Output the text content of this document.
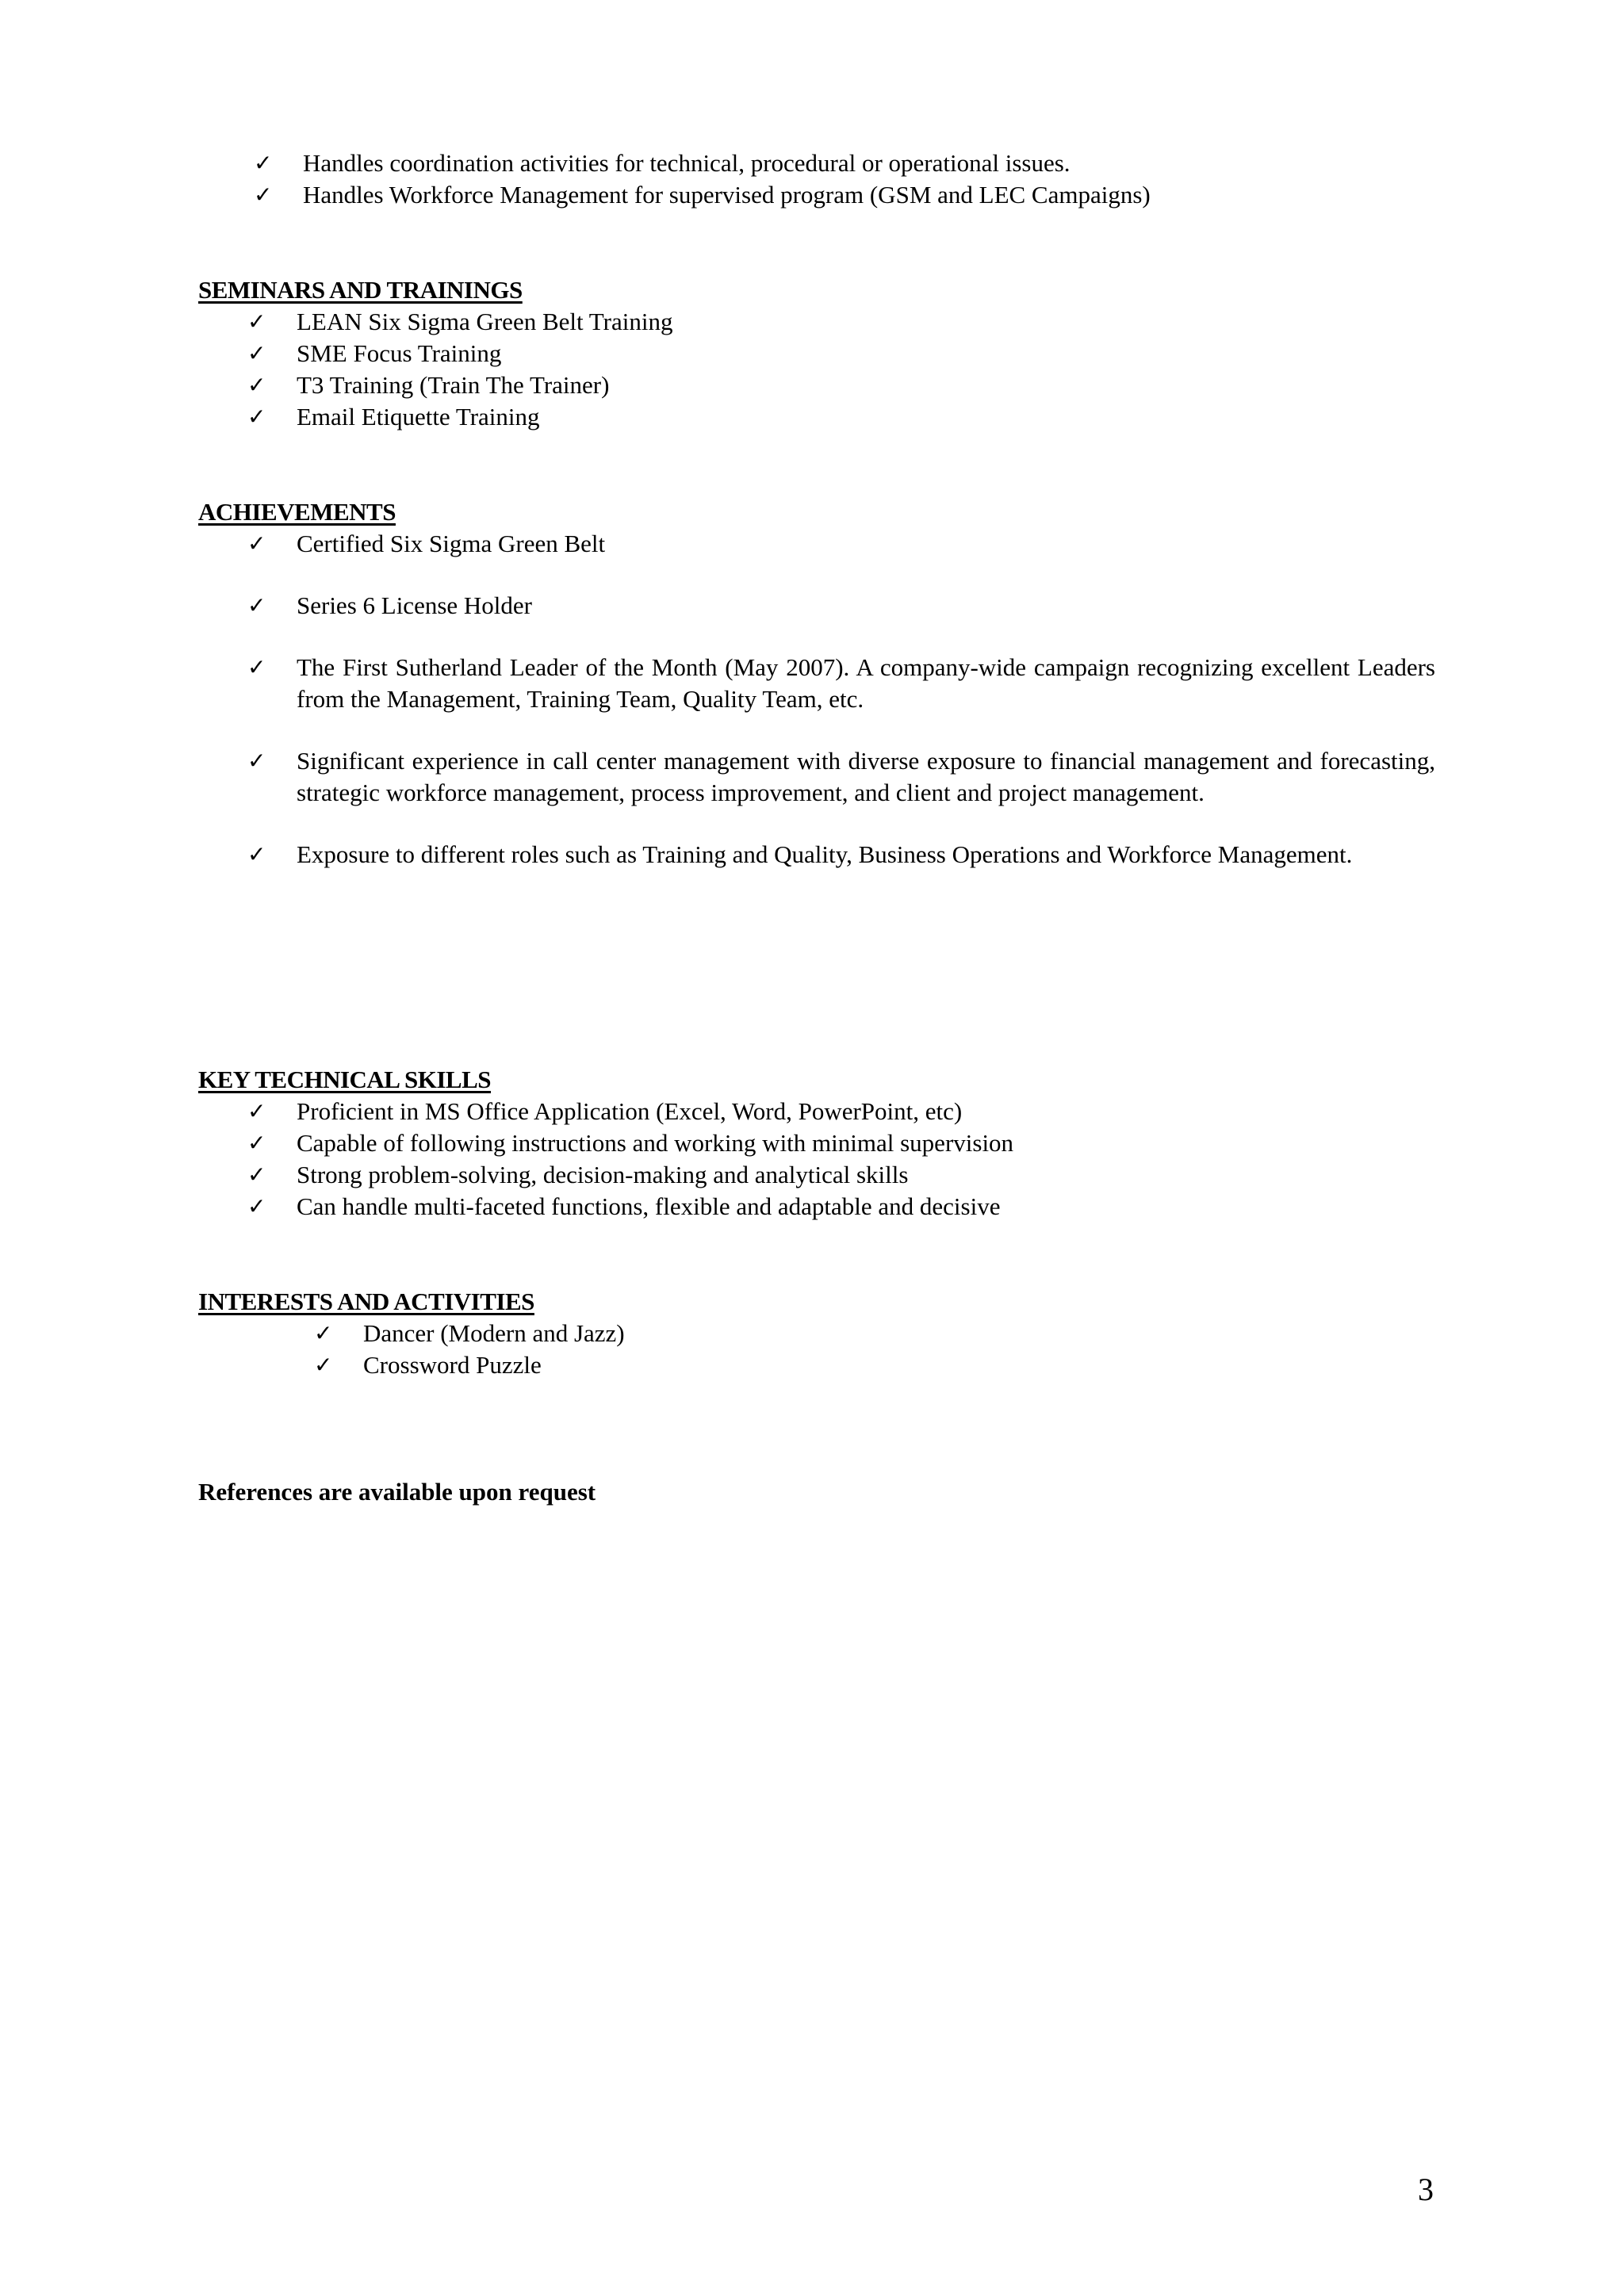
✓ Handles coordination activities for technical, procedural or operational issues.
✓ Handles Workforce Management for supervised program (GSM and LEC Campaigns)

SEMINARS AND TRAININGS

✓ LEAN Six Sigma Green Belt Training
✓ SME Focus Training
✓ T3 Training (Train The Trainer)
✓ Email Etiquette Training

ACHIEVEMENTS

✓ Certified Six Sigma Green Belt
✓ Series 6 License Holder
✓ The First Sutherland Leader of the Month (May 2007). A company-wide campaign recognizing excellent Leaders from the Management, Training Team, Quality Team, etc.
✓ Significant experience in call center management with diverse exposure to financial management and forecasting, strategic workforce management, process improvement, and client and project management.
✓ Exposure to different roles such as Training and Quality, Business Operations and Workforce Management.

KEY TECHNICAL SKILLS

✓ Proficient in MS Office Application (Excel, Word, PowerPoint, etc)
✓ Capable of following instructions and working with minimal supervision
✓ Strong problem-solving, decision-making and analytical skills
✓ Can handle multi-faceted functions, flexible and adaptable and decisive

INTERESTS AND ACTIVITIES

✓ Dancer (Modern and Jazz)
✓ Crossword Puzzle

References are available upon request

3
